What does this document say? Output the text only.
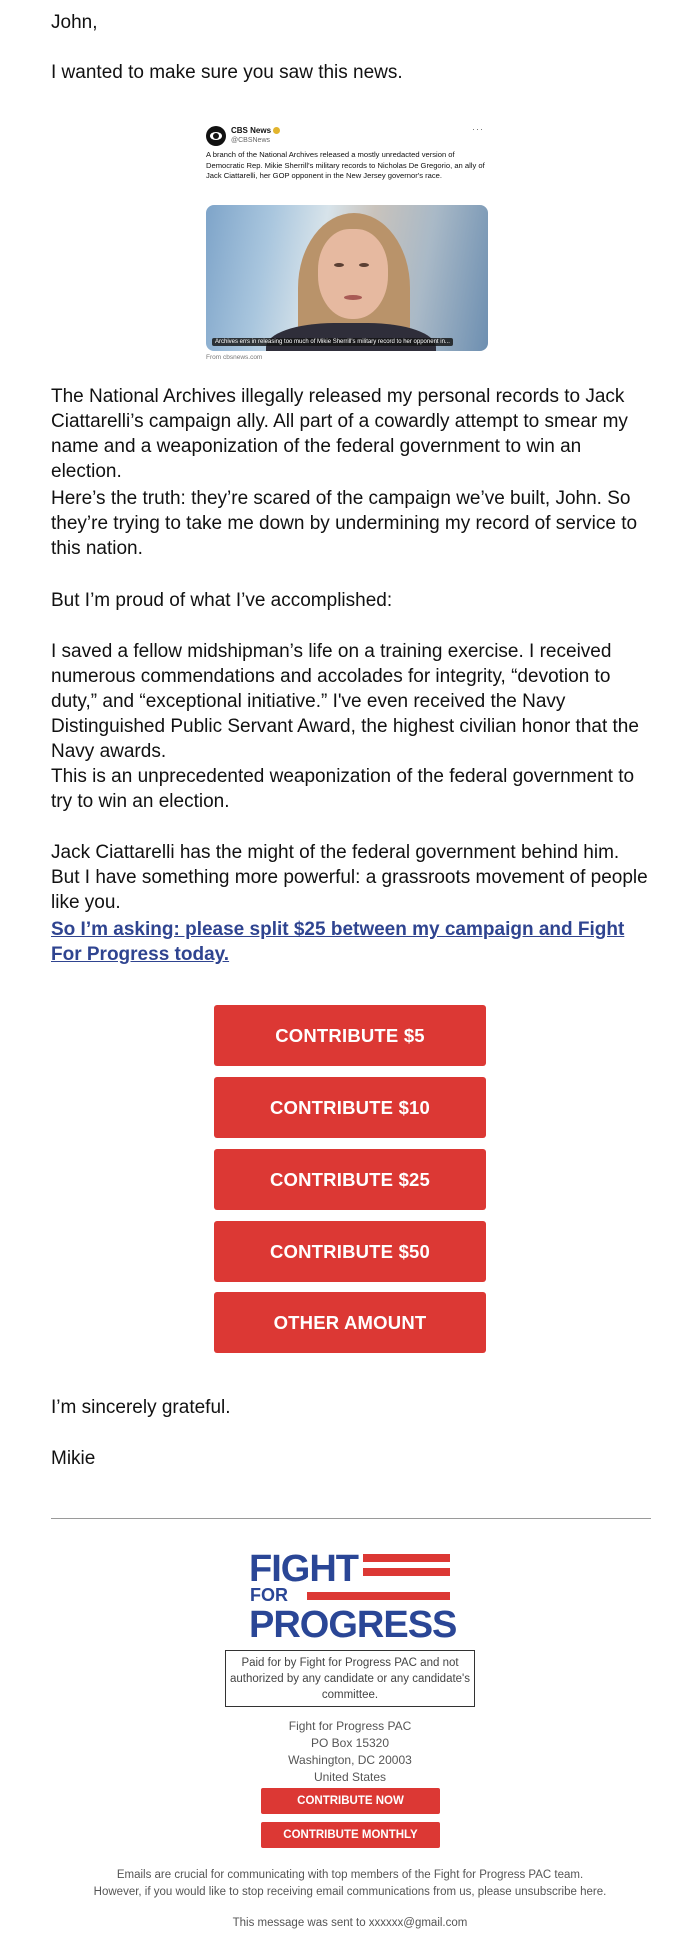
John,

I wanted to make sure you saw this news.

CBS News
@CBSNews
···
A branch of the National Archives released a mostly unredacted version of Democratic Rep. Mikie Sherrill's military records to Nicholas De Gregorio, an ally of Jack Ciattarelli, her GOP opponent in the New Jersey governor's race.
Archives errs in releasing too much of Mikie Sherrill's military record to her opponent in...
From cbsnews.com

The National Archives illegally released my personal records to Jack Ciattarelli’s campaign ally. All part of a cowardly attempt to smear my name and a weaponization of the federal government to win an election.

Here’s the truth: they’re scared of the campaign we’ve built, John. So they’re trying to take me down by undermining my record of service to this nation.

But I’m proud of what I’ve accomplished:

I saved a fellow midshipman’s life on a training exercise. I received numerous commendations and accolades for integrity, “devotion to duty,” and “exceptional initiative.” I've even received the Navy Distinguished Public Servant Award, the highest civilian honor that the Navy awards.

This is an unprecedented weaponization of the federal government to try to win an election.

Jack Ciattarelli has the might of the federal government behind him. But I have something more powerful: a grassroots movement of people like you.

So I’m asking: please split $25 between my campaign and Fight For Progress today.
CONTRIBUTE $5
CONTRIBUTE $10
CONTRIBUTE $25
CONTRIBUTE $50
OTHER AMOUNT

I’m sincerely grateful.

Mikie

FIGHT
FOR
PROGRESS
Paid for by Fight for Progress PAC and not authorized by any candidate or any candidate's committee.
Fight for Progress PAC
PO Box 15320
Washington, DC 20003
United States
CONTRIBUTE NOW
CONTRIBUTE MONTHLY
Emails are crucial for communicating with top members of the Fight for Progress PAC team.
However, if you would like to stop receiving email communications from us, please unsubscribe here.
This message was sent to xxxxxx@gmail.com
